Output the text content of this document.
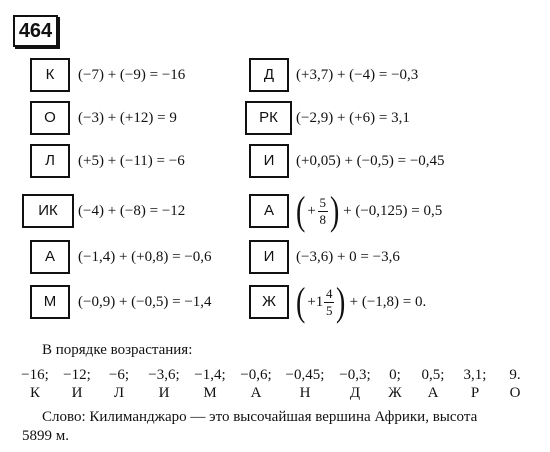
464
К	(−7) + (−9) = −16
О	(−3) + (+12) = 9
Л	(+5) + (−11) = −6
ИК	(−4) + (−8) = −12
А	(−1,4) + (+0,8) = −0,6
М	(−0,9) + (−0,5) = −1,4
Д	(+3,7) + (−4) = −0,3
РК	(−2,9) + (+6) = 3,1
И	(+0,05) + (−0,5) = −0,45
А ( + $\frac{5}{8}$ ) + (−0,125) = 0,5
И	(−3,6) + 0 = −3,6
Ж ( $+1 \frac{4}{5}$ ) + (−1,8) = 0.
В порядке возрастания:
−16; −12;	−6;	−3,6; −1,4; −0,6; −0,45; −0,3;	0;	0,5;	3,1;	9.
К	И	Л	И	М	А	Н	Д	Ж	А	Р	О
Слово: Килиманджаро — это высочайшая вершина Африки, высота
5899 м.
